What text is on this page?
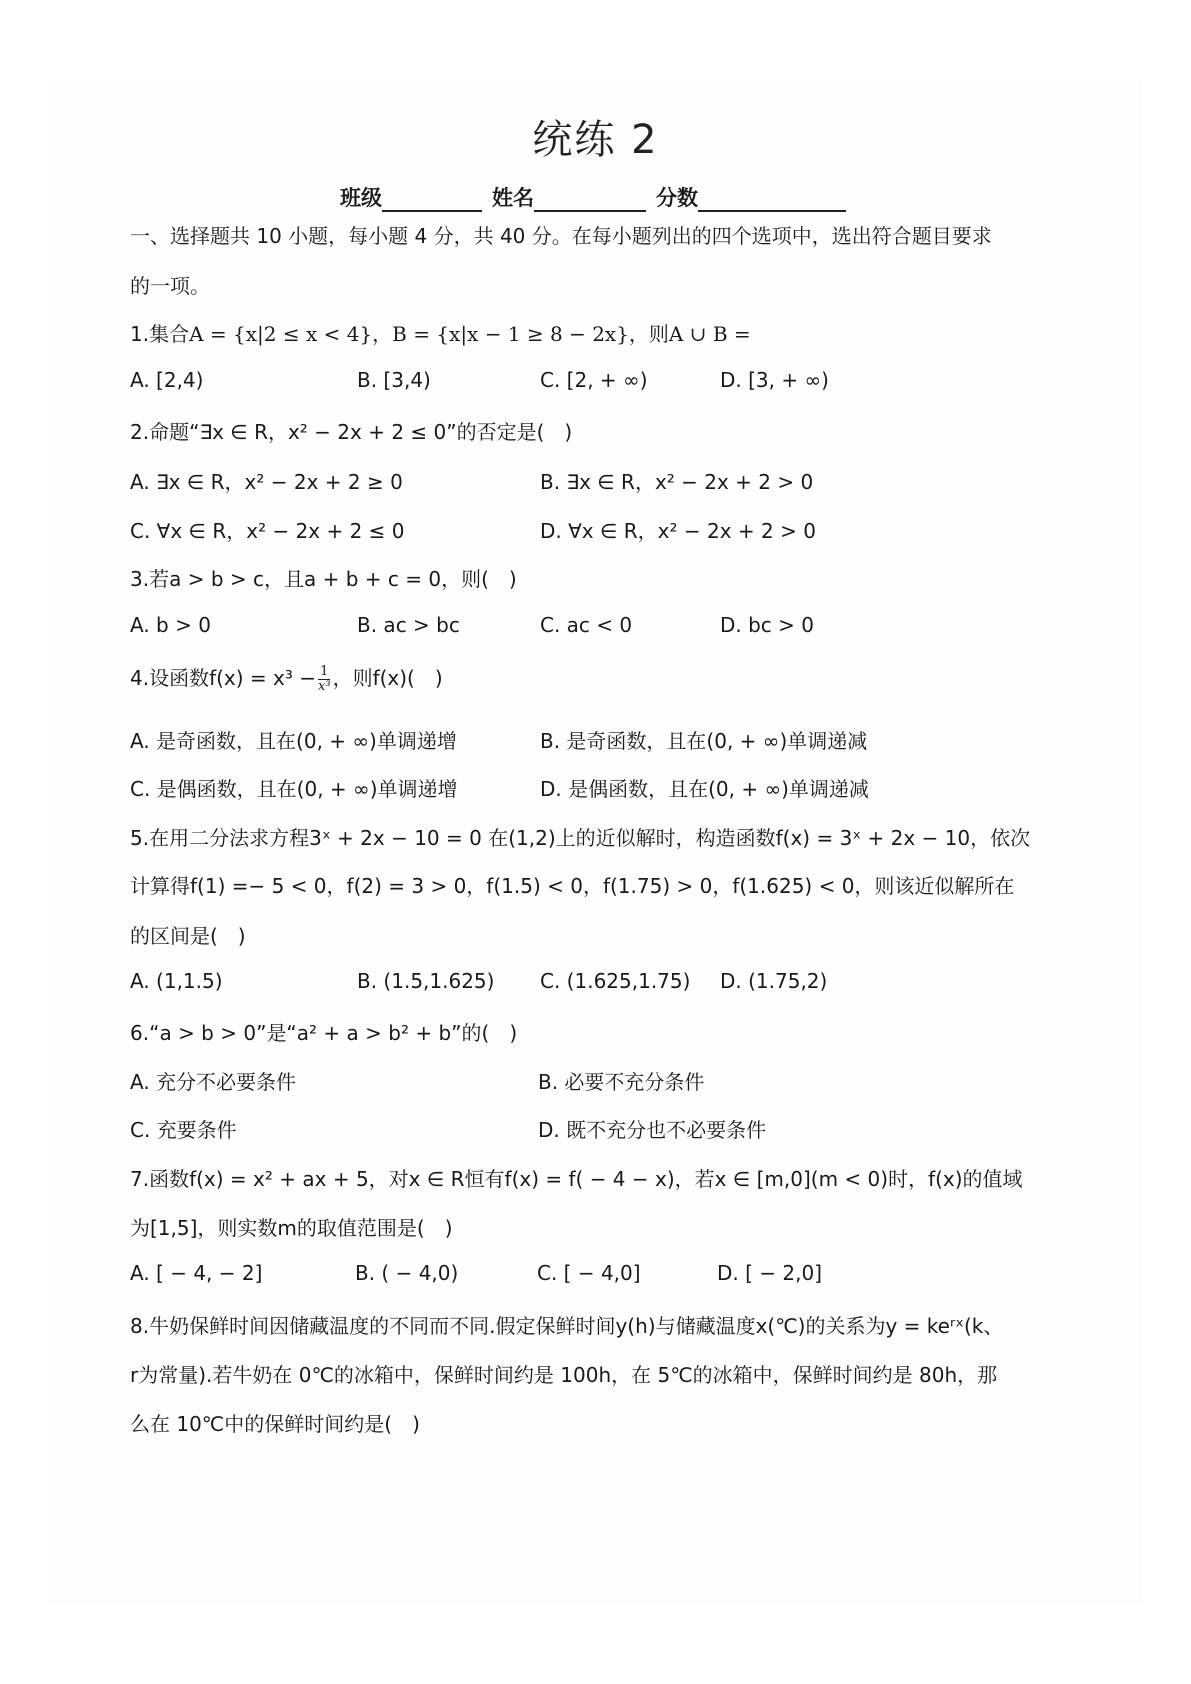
统练 2
班级	姓名	分数
一、选择题共 10 小题，每小题 4 分，共 40 分。在每小题列出的四个选项中，选出符合题目要求
的一项。
1.集合A = {x|2 ≤ x < 4}，B = {x|x − 1 ≥ 8 − 2x}，则A ∪ B =
A. [2,4)	B. [3,4)	C. [2, + ∞)	D. [3, + ∞)
2.命题“∃x ∈ R，x² − 2x + 2 ≤ 0”的否定是(　)
A. ∃x ∈ R，x² − 2x + 2 ≥ 0	B. ∃x ∈ R，x² − 2x + 2 > 0
C. ∀x ∈ R，x² − 2x + 2 ≤ 0	D. ∀x ∈ R，x² − 2x + 2 > 0
3.若a > b > c，且a + b + c = 0，则(　)
A. b > 0	B. ac > bc	C. ac < 0	D. bc > 0
4.设函数$f(x) = x^3 - \frac{1}{\text{x³}}$ ，则f(x)(　)
A. 是奇函数，且在(0, + ∞)单调递增	B. 是奇函数，且在(0, + ∞)单调递减
C. 是偶函数，且在(0, + ∞)单调递增	D. 是偶函数，且在(0, + ∞)单调递减
5.在用二分法求方程3ˣ + 2x − 10 = 0 在(1,2)上的近似解时，构造函数f(x) = 3ˣ + 2x − 10，依次
计算得f(1) =− 5 < 0，f(2) = 3 > 0，f(1.5) < 0，f(1.75) > 0，f(1.625) < 0，则该近似解所在
的区间是(　)
A. (1,1.5)	B. (1.5,1.625) C. (1.625,1.75) D. (1.75,2)
6.“a > b > 0”是“a² + a > b² + b”的(　)
A. 充分不必要条件	B. 必要不充分条件
C. 充要条件	D. 既不充分也不必要条件
7.函数f(x) = x² + ax + 5，对x ∈ R恒有f(x) = f( − 4 − x)，若x ∈ [m,0](m < 0)时，f(x)的值域
为[1,5]，则实数m的取值范围是(　)
A. [ − 4, − 2]	B. ( − 4,0)	C. [ − 4,0]	D. [ − 2,0]
8.牛奶保鲜时间因储藏温度的不同而不同.假定保鲜时间y(h)与储藏温度x(℃)的关系为y = keʳˣ(k、
r为常量).若牛奶在 0℃的冰箱中，保鲜时间约是 100h，在 5℃的冰箱中，保鲜时间约是 80h，那
么在 10℃中的保鲜时间约是(　)
